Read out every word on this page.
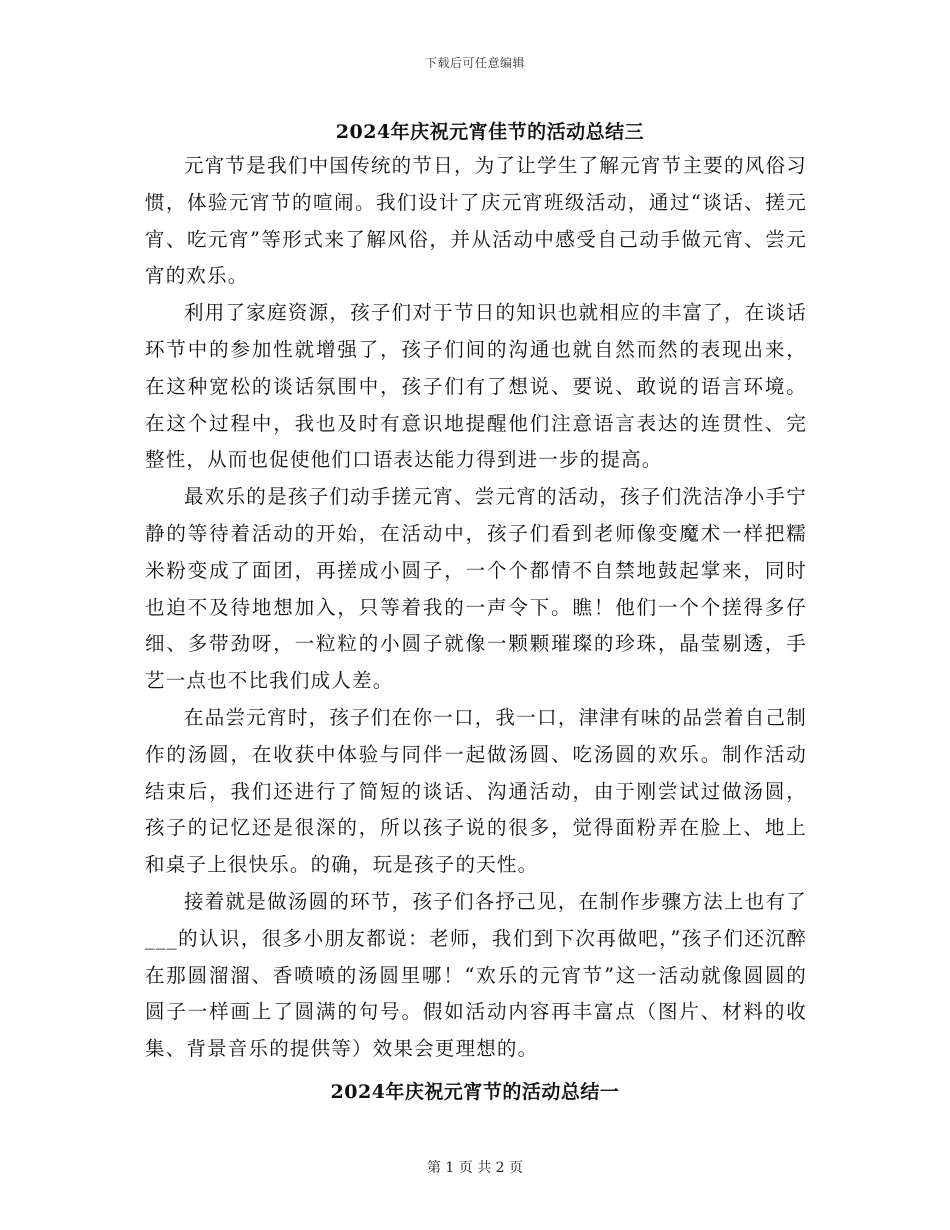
下载后可任意编辑
2024年庆祝元宵佳节的活动总结三

元宵节是我们中国传统的节日，为了让学生了解元宵节主要的风俗习惯，体验元宵节的喧闹。我们设计了庆元宵班级活动，通过“谈话、搓元宵、吃元宵”等形式来了解风俗，并从活动中感受自己动手做元宵、尝元宵的欢乐。

利用了家庭资源，孩子们对于节日的知识也就相应的丰富了，在谈话环节中的参加性就增强了，孩子们间的沟通也就自然而然的表现出来，在这种宽松的谈话氛围中，孩子们有了想说、要说、敢说的语言环境。在这个过程中，我也及时有意识地提醒他们注意语言表达的连贯性、完整性，从而也促使他们口语表达能力得到进一步的提高。

最欢乐的是孩子们动手搓元宵、尝元宵的活动，孩子们洗洁净小手宁静的等待着活动的开始，在活动中，孩子们看到老师像变魔术一样把糯米粉变成了面团，再搓成小圆子，一个个都情不自禁地鼓起掌来，同时也迫不及待地想加入，只等着我的一声令下。瞧！他们一个个搓得多仔细、多带劲呀，一粒粒的小圆子就像一颗颗璀璨的珍珠，晶莹剔透，手艺一点也不比我们成人差。

在品尝元宵时，孩子们在你一口，我一口，津津有味的品尝着自己制作的汤圆，在收获中体验与同伴一起做汤圆、吃汤圆的欢乐。制作活动结束后，我们还进行了简短的谈话、沟通活动，由于刚尝试过做汤圆，孩子的记忆还是很深的，所以孩子说的很多，觉得面粉弄在脸上、地上和桌子上很快乐。的确，玩是孩子的天性。

接着就是做汤圆的环节，孩子们各抒己见，在制作步骤方法上也有了___的认识，很多小朋友都说：老师，我们到下次再做吧，”孩子们还沉醉在那圆溜溜、香喷喷的汤圆里哪！“欢乐的元宵节”这一活动就像圆圆的圆子一样画上了圆满的句号。假如活动内容再丰富点（图片、材料的收集、背景音乐的提供等）效果会更理想的。

2024年庆祝元宵节的活动总结一
第 1 页 共 2 页
